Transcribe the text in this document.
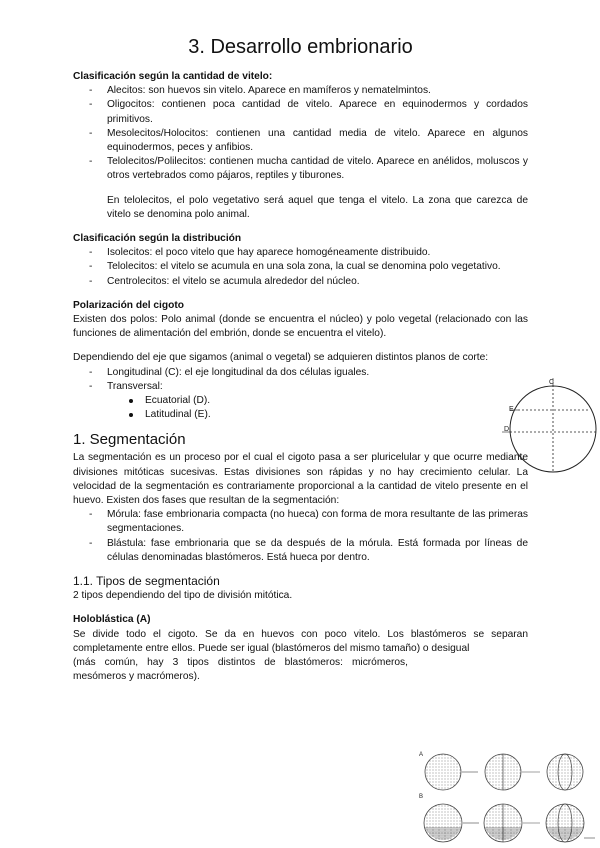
3. Desarrollo embrionario

Clasificación según la cantidad de vitelo:

- Alecitos: son huevos sin vitelo. Aparece en mamíferos y nematelmintos.
- Oligocitos: contienen poca cantidad de vitelo. Aparece en equinodermos y cordados primitivos.
- Mesolecitos/Holocitos: contienen una cantidad media de vitelo. Aparece en algunos equinodermos, peces y anfibios.
- Telolecitos/Polilecitos: contienen mucha cantidad de vitelo. Aparece en anélidos, moluscos y otros vertebrados como pájaros, reptiles y tiburones.

En telolecitos, el polo vegetativo será aquel que tenga el vitelo. La zona que carezca de vitelo se denomina polo animal.

Clasificación según la distribución

- Isolecitos: el poco vitelo que hay aparece homogéneamente distribuido.
- Telolecitos: el vitelo se acumula en una sola zona, la cual se denomina polo vegetativo.
- Centrolecitos: el vitelo se acumula alrededor del núcleo.

Polarización del cigoto

Existen dos polos: Polo animal (donde se encuentra el núcleo) y polo vegetal (relacionado con las funciones de alimentación del embrión, donde se encuentra el vitelo).

Dependiendo del eje que sigamos (animal o vegetal) se adquieren distintos planos de corte:

- Longitudinal (C): el eje longitudinal da dos células iguales.
- Transversal:
Ecuatorial (D).
Latitudinal (E).
1. Segmentación

La segmentación es un proceso por el cual el cigoto pasa a ser pluricelular y que ocurre mediante divisiones mitóticas sucesivas. Estas divisiones son rápidas y no hay crecimiento celular. La velocidad de la segmentación es contrariamente proporcional a la cantidad de vitelo presente en el huevo. Existen dos fases que resultan de la segmentación:

- Mórula: fase embrionaria compacta (no hueca) con forma de mora resultante de las primeras segmentaciones.
- Blástula: fase embrionaria que se da después de la mórula. Está formada por líneas de células denominadas blastómeros. Está hueca por dentro.
1.1. Tipos de segmentación

2 tipos dependiendo del tipo de división mitótica.

Holoblástica (A)

Se divide todo el cigoto. Se da en huevos con poco vitelo. Los blastómeros se separan completamente entre ellos. Puede ser igual (blastómeros del mismo tamaño) o desigual

(más común, hay 3 tipos distintos de blastómeros: micrómeros, mesómeros y macrómeros).

C
E
D
A
B
